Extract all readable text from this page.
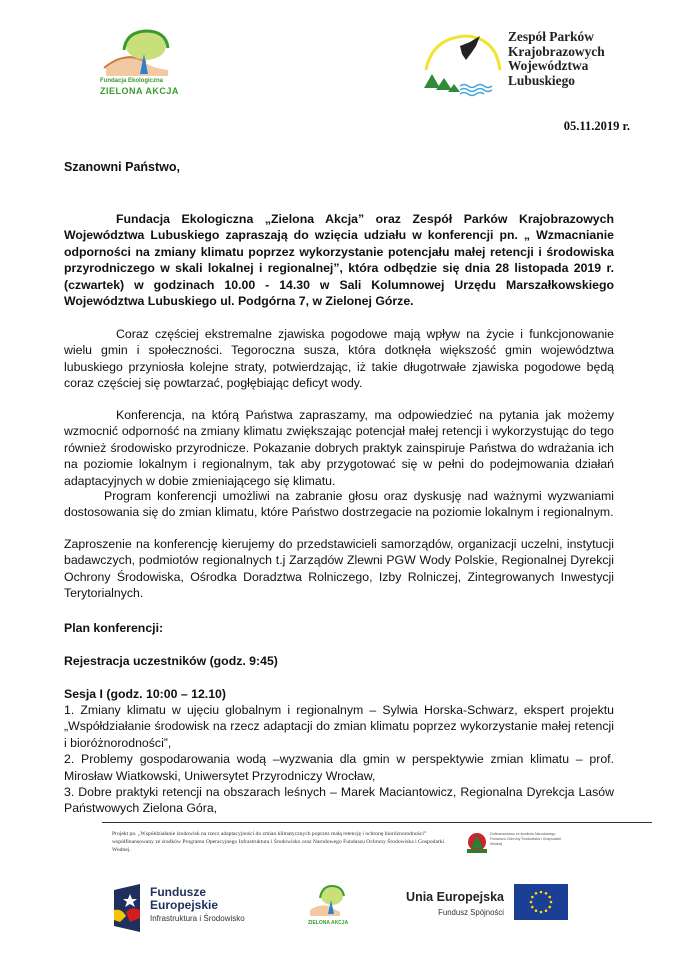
Fundacja Ekologiczna
ZIELONA AKCJA
Zespół Parków
Krajobrazowych
Województwa
Lubuskiego
05.11.2019 r.
Szanowni Państwo,

Fundacja Ekologiczna „Zielona Akcja” oraz Zespół Parków Krajobrazowych Województwa Lubuskiego zapraszają do wzięcia udziału w konferencji pn. „ Wzmacnianie odporności na zmiany klimatu poprzez wykorzystanie potencjału małej retencji i środowiska przyrodniczego w skali lokalnej i regionalnej”, która odbędzie się dnia 28 listopada 2019 r. (czwartek) w godzinach 10.00 - 14.30 w Sali Kolumnowej Urzędu Marszałkowskiego Województwa Lubuskiego ul. Podgórna 7, w Zielonej Górze.

Coraz częściej ekstremalne zjawiska pogodowe mają wpływ na życie i funkcjonowanie wielu gmin i społeczności. Tegoroczna susza, która dotknęła większość gmin województwa lubuskiego przyniosła kolejne straty, potwierdzając, iż takie długotrwałe zjawiska pogodowe będą coraz częściej się powtarzać, pogłębiając deficyt wody.

Konferencja, na którą Państwa zapraszamy, ma odpowiedzieć na pytania jak możemy wzmocnić odporność na zmiany klimatu zwiększając potencjał małej retencji i wykorzystując do tego również środowisko przyrodnicze. Pokazanie dobrych praktyk zainspiruje Państwa do wdrażania ich na poziomie lokalnym i regionalnym, tak aby przygotować się w pełni do podejmowania działań adaptacyjnych w dobie zmieniającego się klimatu.

Program konferencji umożliwi na zabranie głosu oraz dyskusję nad ważnymi wyzwaniami dostosowania się do zmian klimatu, które Państwo dostrzegacie na poziomie lokalnym i regionalnym.

Zaproszenie na konferencję kierujemy do przedstawicieli samorządów, organizacji uczelni, instytucji badawczych, podmiotów regionalnych t.j Zarządów Zlewni PGW Wody Polskie, Regionalnej Dyrekcji Ochrony Środowiska, Ośrodka Doradztwa Rolniczego, Izby Rolniczej, Zintegrowanych Inwestycji Terytorialnych.

Plan konferencji:
Rejestracja uczestników (godz. 9:45)
Sesja I (godz. 10:00 – 12.10)

1. Zmiany klimatu w ujęciu globalnym i regionalnym – Sylwia Horska-Schwarz, ekspert projektu „Współdziałanie środowisk na rzecz adaptacji do zmian klimatu poprzez wykorzystanie małej retencji i bioróżnorodności”,

2. Problemy gospodarowania wodą –wyzwania dla gmin w perspektywie zmian klimatu – prof. Mirosław Wiatkowski, Uniwersytet Przyrodniczy Wrocław,

3. Dobre praktyki retencji na obszarach leśnych – Marek Maciantowicz, Regionalna Dyrekcja Lasów Państwowych Zielona Góra,

Projekt pn. „Współdziałanie środowisk na rzecz adaptacyjności do zmian klimatycznych poprzez małą retencję i ochronę bioróżnorodności” współfinansowany ze środków Programu Operacyjnego Infrastruktura i Środowisko oraz Narodowego Funduszu Ochrony Środowiska i Gospodarki Wodnej.
Dofinansowano ze środków Narodowego Funduszu Ochrony Środowiska i Gospodarki Wodnej
Fundusze
Europejskie
Infrastruktura i Środowisko	ZIELONA AKCJA
Unia Europejska
Fundusz Spójności
